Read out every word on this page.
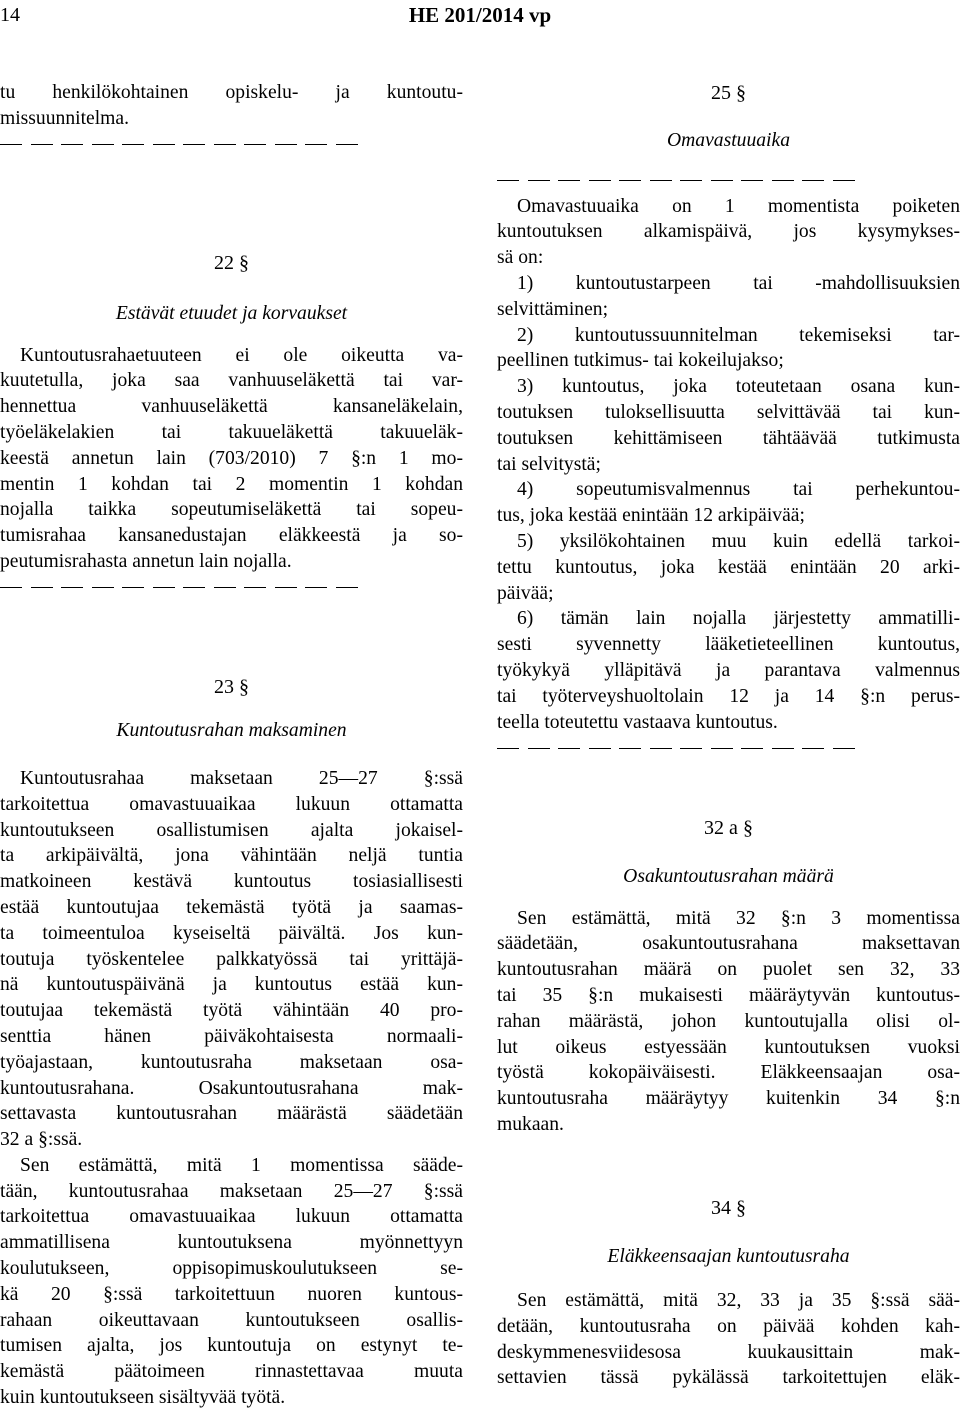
14	HE 201/2014 vp
tu henkilökohtainen opiskelu- ja kuntoutu-
missuunnitelma.
22 §
Estävät etuudet ja korvaukset
Kuntoutusrahaetuuteen ei ole oikeutta va-
kuutetulla, joka saa vanhuuseläkettä tai var-
hennettua vanhuuseläkettä kansaneläkelain,
työeläkelakien tai takuueläkettä takuueläk-
keestä annetun lain (703/2010) 7 §:n 1 mo-
mentin 1 kohdan tai 2 momentin 1 kohdan
nojalla taikka sopeutumiseläkettä tai sopeu-
tumisrahaa kansanedustajan eläkkeestä ja so-
peutumisrahasta annetun lain nojalla.
23 §
Kuntoutusrahan maksaminen
Kuntoutusrahaa maksetaan 25—27 §:ssä
tarkoitettua omavastuuaikaa lukuun ottamatta
kuntoutukseen osallistumisen ajalta jokaisel-
ta arkipäivältä, jona vähintään neljä tuntia
matkoineen kestävä kuntoutus tosiasiallisesti
estää kuntoutujaa tekemästä työtä ja saamas-
ta toimeentuloa kyseiseltä päivältä. Jos kun-
toutuja työskentelee palkkatyössä tai yrittäjä-
nä kuntoutuspäivänä ja kuntoutus estää kun-
toutujaa tekemästä työtä vähintään 40 pro-
senttia hänen päiväkohtaisesta normaali-
työajastaan, kuntoutusraha maksetaan osa-
kuntoutusrahana. Osakuntoutusrahana mak-
settavasta kuntoutusrahan määrästä säädetään
32 a §:ssä.
Sen estämättä, mitä 1 momentissa sääde-
tään, kuntoutusrahaa maksetaan 25—27 §:ssä
tarkoitettua omavastuuaikaa lukuun ottamatta
ammatillisena kuntoutuksena myönnettyyn
koulutukseen, oppisopimuskoulutukseen se-
kä 20 §:ssä tarkoitettuun nuoren kuntous-
rahaan oikeuttavaan kuntoutukseen osallis-
tumisen ajalta, jos kuntoutuja on estynyt te-
kemästä päätoimeen rinnastettavaa muuta
kuin kuntoutukseen sisältyvää työtä.
25 §
Omavastuuaika
Omavastuuaika on 1 momentista poiketen
kuntoutuksen alkamispäivä, jos kysymykses-
sä on:
1) kuntoutustarpeen tai -mahdollisuuksien
selvittäminen;
2) kuntoutussuunnitelman tekemiseksi tar-
peellinen tutkimus- tai kokeilujakso;
3) kuntoutus, joka toteutetaan osana kun-
toutuksen tuloksellisuutta selvittävää tai kun-
toutuksen kehittämiseen tähtäävää tutkimusta
tai selvitystä;
4) sopeutumisvalmennus tai perhekuntou-
tus, joka kestää enintään 12 arkipäivää;
5) yksilökohtainen muu kuin edellä tarkoi-
tettu kuntoutus, joka kestää enintään 20 arki-
päivää;
6) tämän lain nojalla järjestetty ammatilli-
sesti syvennetty lääketieteellinen kuntoutus,
työkykyä ylläpitävä ja parantava valmennus
tai työterveyshuoltolain 12 ja 14 §:n perus-
teella toteutettu vastaava kuntoutus.
32 a §
Osakuntoutusrahan määrä
Sen estämättä, mitä 32 §:n 3 momentissa
säädetään, osakuntoutusrahana maksettavan
kuntoutusrahan määrä on puolet sen 32, 33
tai 35 §:n mukaisesti määräytyvän kuntoutus-
rahan määrästä, johon kuntoutujalla olisi ol-
lut oikeus estyessään kuntoutuksen vuoksi
työstä kokopäiväisesti. Eläkkeensaajan osa-
kuntoutusraha määräytyy kuitenkin 34 §:n
mukaan.
34 §
Eläkkeensaajan kuntoutusraha
Sen estämättä, mitä 32, 33 ja 35 §:ssä sää-
detään, kuntoutusraha on päivää kohden kah-
deskymmenesviidesosa kuukausittain mak-
settavien tässä pykälässä tarkoitettujen eläk-
